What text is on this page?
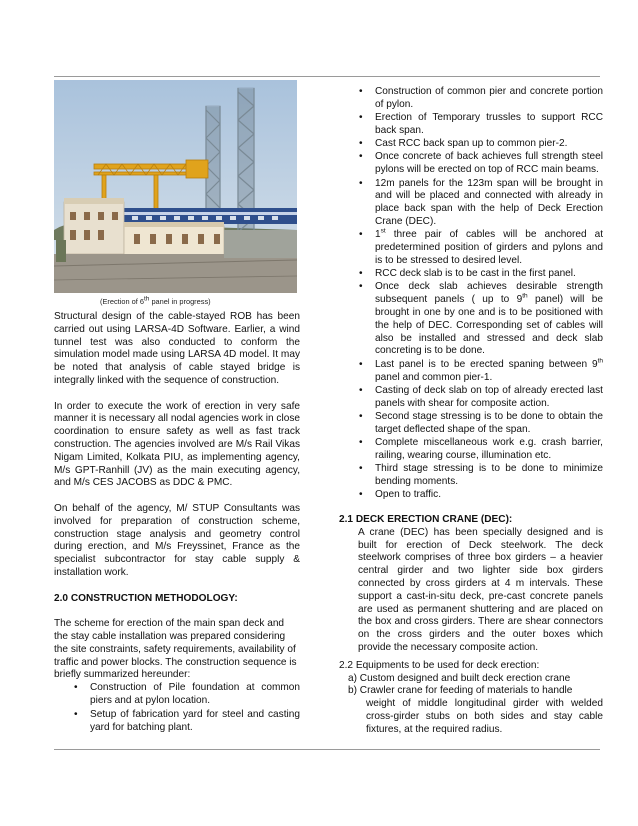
(Erection of 6th panel in progress)

Structural design of the cable-stayed ROB has been carried out using LARSA-4D Software. Earlier, a wind tunnel test was also conducted to conform the simulation model made using LARSA 4D model. It may be noted that analysis of cable stayed bridge is integrally linked with the sequence of construction.

In order to execute the work of erection in very safe manner it is necessary all nodal agencies work in close coordination to ensure safety as well as fast track construction. The agencies involved are M/s Rail Vikas Nigam Limited, Kolkata PIU, as implementing agency, M/s GPT-Ranhill (JV) as the main executing agency, and M/s CES JACOBS as DDC & PMC.

On behalf of the agency, M/ STUP Consultants was involved for preparation of construction scheme, construction stage analysis and geometry control during erection, and M/s Freyssinet, France as the specialist subcontractor for stay cable supply & installation work.

2.0 CONSTRUCTION METHODOLOGY:

The scheme for erection of the main span deck and the stay cable installation was prepared considering the site constraints, safety requirements, availability of traffic and power blocks. The construction sequence is briefly summarized hereunder:

• Construction of Pile foundation at common piers and at pylon location.
• Setup of fabrication yard for steel and casting yard for batching plant.
• Construction of common pier and concrete portion of pylon.
• Erection of Temporary trussles to support RCC back span.
• Cast RCC back span up to common pier-2.
• Once concrete of back achieves full strength steel pylons will be erected on top of RCC main beams.
• 12m panels for the 123m span will be brought in and will be placed and connected with already in place back span with the help of Deck Erection Crane (DEC).
• 1st three pair of cables will be anchored at predetermined position of girders and pylons and is to be stressed to desired level.
• RCC deck slab is to be cast in the first panel.
• Once deck slab achieves desirable strength subsequent panels ( up to 9th panel) will be brought in one by one and is to be positioned with the help of DEC. Corresponding set of cables will also be installed and stressed and deck slab concreting is to be done.
• Last panel is to be erected spaning between 9th panel and common pier-1.
• Casting of deck slab on top of already erected last panels with shear for composite action.
• Second stage stressing is to be done to obtain the target deflected shape of the span.
• Complete miscellaneous work e.g. crash barrier, railing, wearing course, illumination etc.
• Third stage stressing is to be done to minimize bending moments.
• Open to traffic.
2.1 DECK ERECTION CRANE (DEC):
A crane (DEC) has been specially designed and is built for erection of Deck steelwork. The deck steelwork comprises of three box girders – a heavier central girder and two lighter side box girders connected by cross girders at 4 m intervals. These support a cast-in-situ deck, pre-cast concrete panels are used as permanent shuttering and are placed on the box and cross girders. There are shear connectors on the cross girders and the outer boxes which provide the necessary composite action.
2.2 Equipments to be used for deck erection:
a) Custom designed and built deck erection crane
b) Crawler crane for feeding of materials to handle
weight of middle longitudinal girder with welded cross-girder stubs on both sides and stay cable fixtures, at the required radius.
